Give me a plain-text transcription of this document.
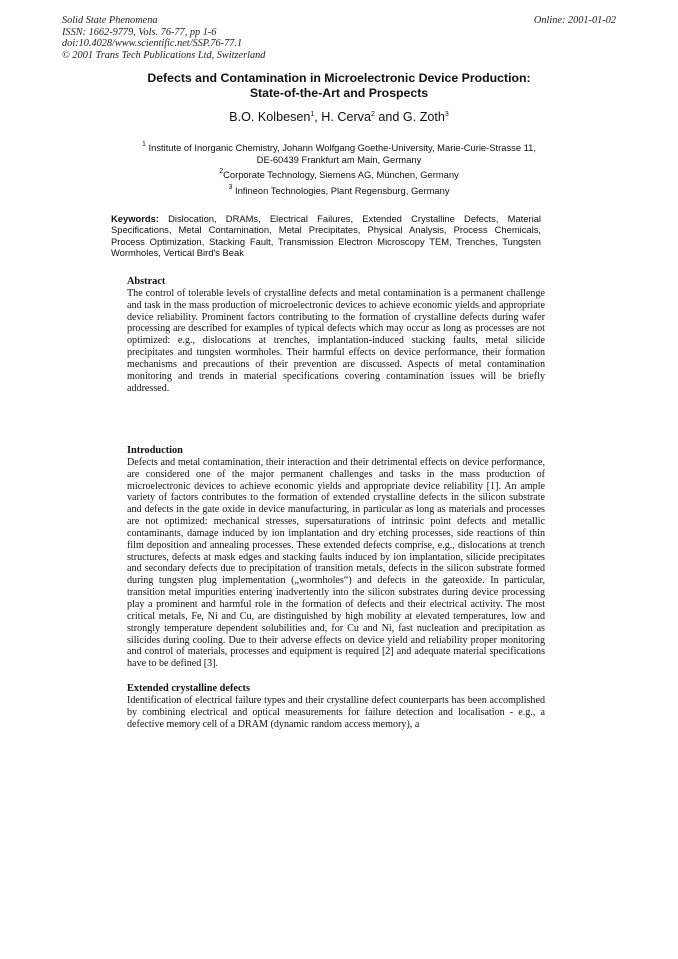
Solid State Phenomena
ISSN: 1662-9779, Vols. 76-77, pp 1-6
doi:10.4028/www.scientific.net/SSP.76-77.1
© 2001 Trans Tech Publications Ltd, Switzerland
Online: 2001-01-02
Defects and Contamination in Microelectronic Device Production:
State-of-the-Art and Prospects
B.O. Kolbesen$^1$, H. Cerva$^2$ and G. Zoth$^3$
$^1$ Institute of Inorganic Chemistry, Johann Wolfgang Goethe-University, Marie-Curie-Strasse 11,
DE-60439 Frankfurt am Main, Germany
$^2$Corporate Technology, Siemens AG, München, Germany
$^3$ Infineon Technologies, Plant Regensburg, Germany
Keywords: Dislocation, DRAMs, Electrical Failures, Extended Crystalline Defects, Material Specifications, Metal Contamination, Metal Precipitates, Physical Analysis, Process Chemicals, Process Optimization, Stacking Fault, Transmission Electron Microscopy TEM, Trenches, Tungsten Wormholes, Vertical Bird's Beak
Abstract
The control of tolerable levels of crystalline defects and metal contamination is a permanent challenge and task in the mass production of microelectronic devices to achieve economic yields and appropriate device reliability. Prominent factors contributing to the formation of crystalline defects during wafer processing are described for examples of typical defects which may occur as long as processes are not optimized: e.g., dislocations at trenches, implantation-induced stacking faults, metal silicide precipitates and tungsten wormholes. Their harmful effects on device performance, their formation mechanisms and precautions of their prevention are discussed. Aspects of metal contamination monitoring and trends in material specifications covering contamination issues will be briefly addressed.
Introduction
Defects and metal contamination, their interaction and their detrimental effects on device performance, are considered one of the major permanent challenges and tasks in the mass production of microelectronic devices to achieve economic yields and appropriate device reliability [1]. An ample variety of factors contributes to the formation of extended crystalline defects in the silicon substrate and defects in the gate oxide in device manufacturing, in particular as long as materials and processes are not optimized: mechanical stresses, supersaturations of intrinsic point defects and metallic contaminants, damage induced by ion implantation and dry etching processes, side reactions of thin film deposition and annealing processes. These extended defects comprise, e.g., dislocations at trench structures, defects at mask edges and stacking faults induced by ion implantation, silicide precipitates and secondary defects due to precipitation of transition metals, defects in the silicon substrate formed during tungsten plug implementation („wormholes“) and defects in the gateoxide. In particular, transition metal impurities entering inadvertently into the silicon substrates during device processing play a prominent and harmful role in the formation of defects and their electrical activity. The most critical metals, Fe, Ni and Cu, are distinguished by high mobility at elevated temperatures, low and strongly temperature dependent solubilities and, for Cu and Ni, fast nucleation and precipitation as silicides during cooling. Due to their adverse effects on device yield and reliability proper monitoring and control of materials, processes and equipment is required [2] and adequate material specifications have to be defined [3].
Extended crystalline defects
Identification of electrical failure types and their crystalline defect counterparts has been accomplished by combining electrical and optical measurements for failure detection and localisation - e.g., a defective memory cell of a DRAM (dynamic random access memory), a
